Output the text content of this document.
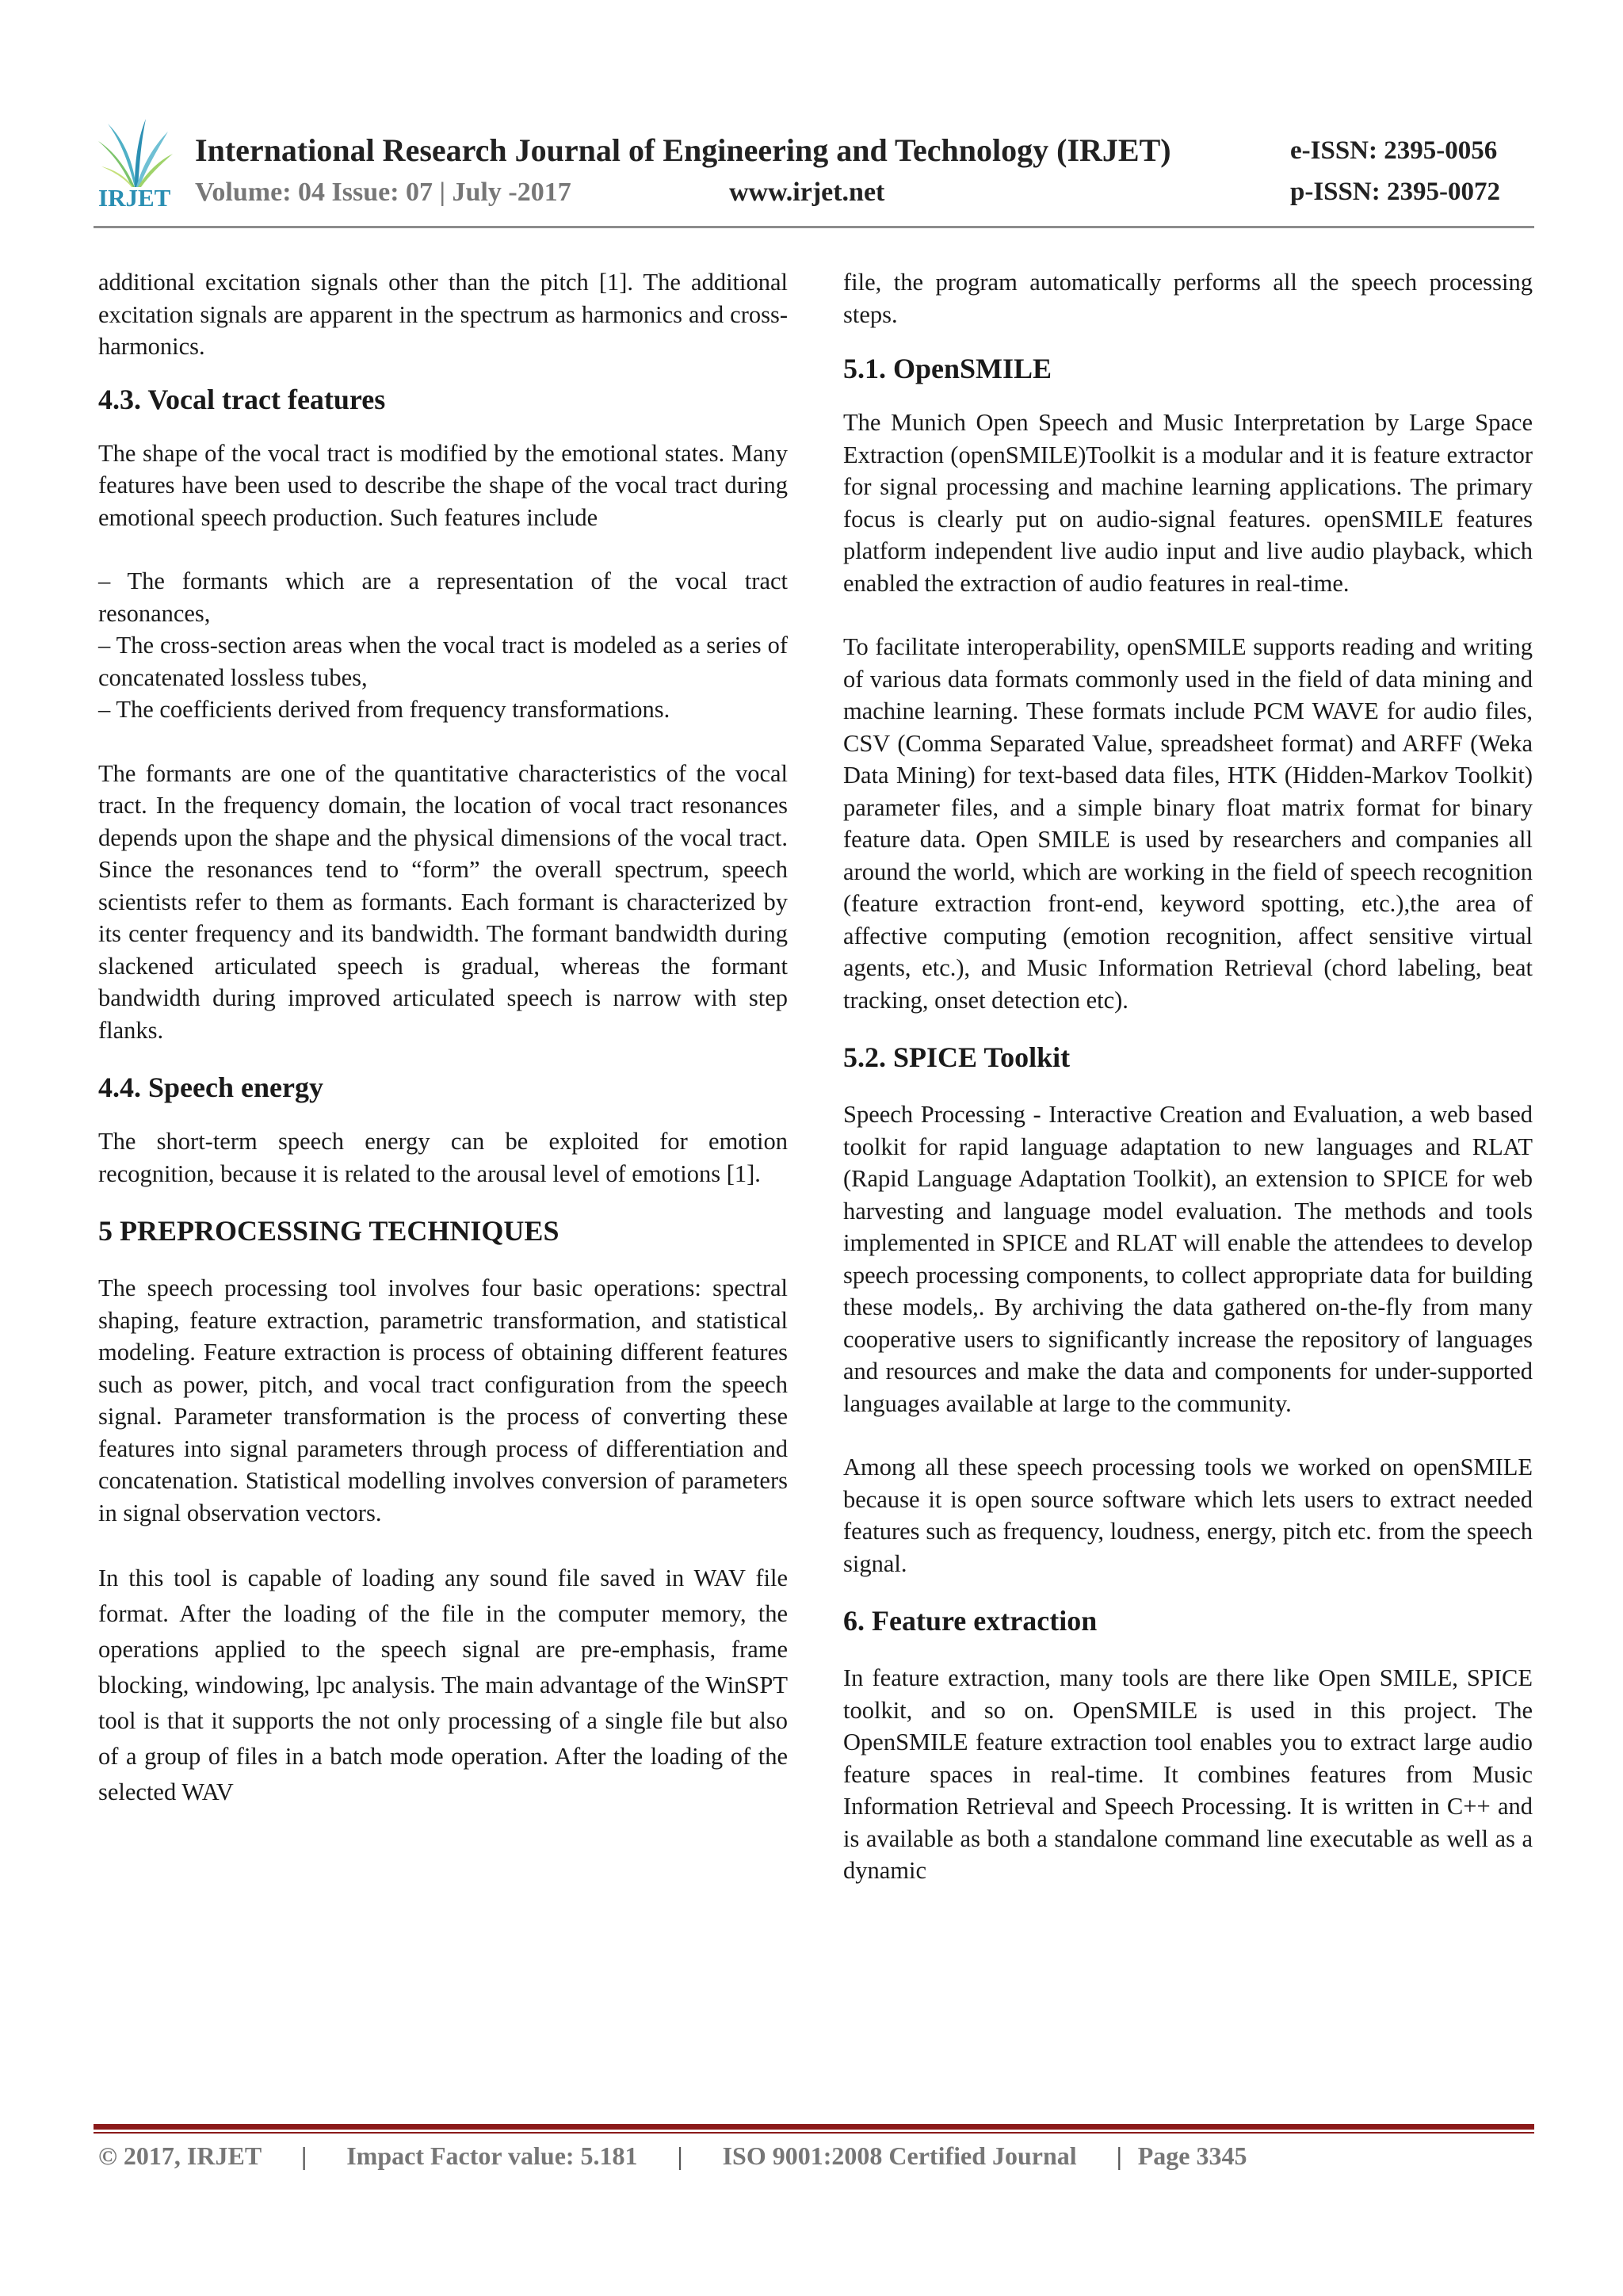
IRJET
International Research Journal of Engineering and Technology (IRJET)	e-ISSN: 2395-0056
Volume: 04 Issue: 07 | July -2017	www.irjet.net	p-ISSN: 2395-0072

additional excitation signals other than the pitch [1]. The additional excitation signals are apparent in the spectrum as harmonics and cross-harmonics.

4.3. Vocal tract features

The shape of the vocal tract is modified by the emotional states. Many features have been used to describe the shape of the vocal tract during emotional speech production. Such features include

– The formants which are a representation of the vocal tract resonances,

– The cross-section areas when the vocal tract is modeled as a series of concatenated lossless tubes,

– The coefficients derived from frequency transformations.

The formants are one of the quantitative characteristics of the vocal tract. In the frequency domain, the location of vocal tract resonances depends upon the shape and the physical dimensions of the vocal tract. Since the resonances tend to “form” the overall spectrum, speech scientists refer to them as formants. Each formant is characterized by its center frequency and its bandwidth. The formant bandwidth during slackened articulated speech is gradual, whereas the formant bandwidth during improved articulated speech is narrow with step flanks.

4.4. Speech energy

The short-term speech energy can be exploited for emotion recognition, because it is related to the arousal level of emotions [1].

5 PREPROCESSING TECHNIQUES

The speech processing tool involves four basic operations: spectral shaping, feature extraction, parametric transformation, and statistical modeling. Feature extraction is process of obtaining different features such as power, pitch, and vocal tract configuration from the speech signal. Parameter transformation is the process of converting these features into signal parameters through process of differentiation and concatenation. Statistical modelling involves conversion of parameters in signal observation vectors.

In this tool is capable of loading any sound file saved in WAV file format. After the loading of the file in the computer memory, the operations applied to the speech signal are pre-emphasis, frame blocking, windowing, lpc analysis. The main advantage of the WinSPT tool is that it supports the not only processing of a single file but also of a group of files in a batch mode operation. After the loading of the selected WAV

file, the program automatically performs all the speech processing steps.

5.1. OpenSMILE

The Munich Open Speech and Music Interpretation by Large Space Extraction (openSMILE)Toolkit is a modular and it is feature extractor for signal processing and machine learning applications. The primary focus is clearly put on audio-signal features. openSMILE features platform independent live audio input and live audio playback, which enabled the extraction of audio features in real-time.

To facilitate interoperability, openSMILE supports reading and writing of various data formats commonly used in the field of data mining and machine learning. These formats include PCM WAVE for audio files, CSV (Comma Separated Value, spreadsheet format) and ARFF (Weka Data Mining) for text-based data files, HTK (Hidden-Markov Toolkit) parameter files, and a simple binary float matrix format for binary feature data. Open SMILE is used by researchers and companies all around the world, which are working in the field of speech recognition (feature extraction front-end, keyword spotting, etc.),the area of affective computing (emotion recognition, affect sensitive virtual agents, etc.), and Music Information Retrieval (chord labeling, beat tracking, onset detection etc).

5.2. SPICE Toolkit

Speech Processing - Interactive Creation and Evaluation, a web based toolkit for rapid language adaptation to new languages and RLAT (Rapid Language Adaptation Toolkit), an extension to SPICE for web harvesting and language model evaluation. The methods and tools implemented in SPICE and RLAT will enable the attendees to develop speech processing components, to collect appropriate data for building these models,. By archiving the data gathered on-the-fly from many cooperative users to significantly increase the repository of languages and resources and make the data and components for under-supported languages available at large to the community.

Among all these speech processing tools we worked on openSMILE because it is open source software which lets users to extract needed features such as frequency, loudness, energy, pitch etc. from the speech signal.

6. Feature extraction

In feature extraction, many tools are there like Open SMILE, SPICE toolkit, and so on. OpenSMILE is used in this project. The OpenSMILE feature extraction tool enables you to extract large audio feature spaces in real-time. It combines features from Music Information Retrieval and Speech Processing. It is written in C++ and is available as both a standalone command line executable as well as a dynamic

© 2017, IRJET | Impact Factor value: 5.181 | ISO 9001:2008 Certified Journal | Page 3345
